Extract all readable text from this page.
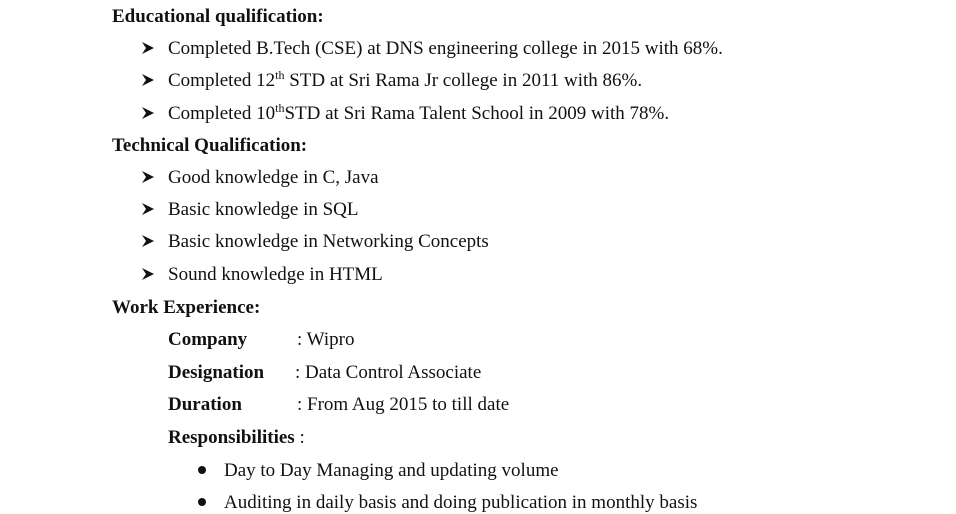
Educational qualification:
Completed B.Tech (CSE) at DNS engineering college in 2015 with 68%.
Completed 12th STD at Sri Rama Jr college in 2011 with 86%.
Completed 10thSTD at Sri Rama Talent School in 2009 with 78%.
Technical Qualification:
Good knowledge in C, Java
Basic knowledge in SQL
Basic knowledge in Networking Concepts
Sound knowledge in HTML
Work Experience:
Company	: Wipro
Designation : Data Control Associate
Duration	: From Aug 2015 to till date
Responsibilities :
Day to Day Managing and updating volume
Auditing in daily basis and doing publication in monthly basis
